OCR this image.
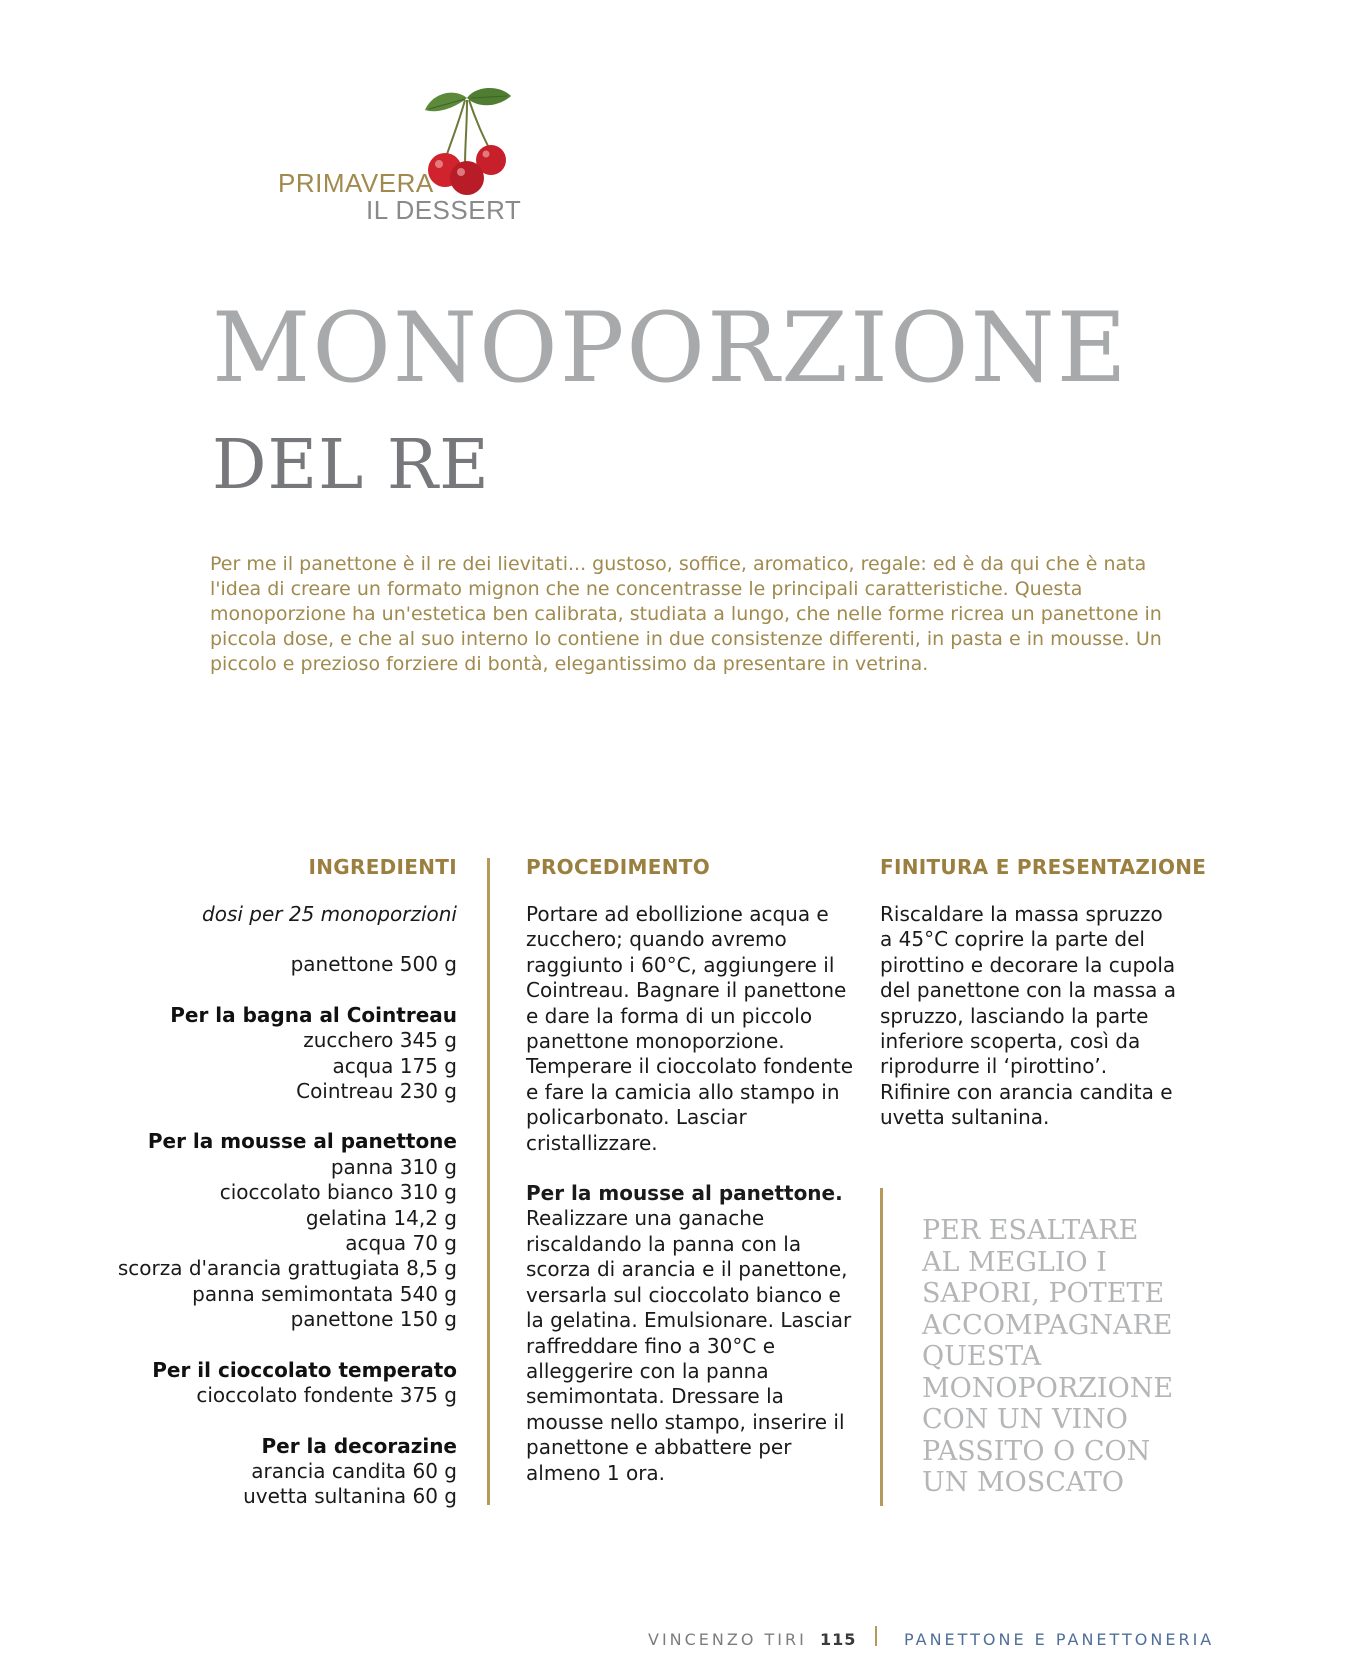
PRIMAVERA
IL DESSERT
MONOPORZIONE
DEL RE
Per me il panettone è il re dei lievitati... gustoso, soffice, aromatico, regale: ed è da qui che è nata l'idea di creare un formato mignon che ne concentrasse le principali caratteristiche. Questa monoporzione ha un'estetica ben calibrata, studiata a lungo, che nelle forme ricrea un panettone in piccola dose, e che al suo interno lo contiene in due consistenze differenti, in pasta e in mousse. Un piccolo e prezioso forziere di bontà, elegantissimo da presentare in vetrina.
INGREDIENTI	PROCEDIMENTO	FINITURA E PRESENTAZIONE
dosi per 25 monoporzioni
panettone 500 g
Per la bagna al Cointreau
zucchero 345 g
acqua 175 g
Cointreau 230 g
Per la mousse al panettone
panna 310 g
cioccolato bianco 310 g
gelatina 14,2 g
acqua 70 g
scorza d'arancia grattugiata 8,5 g
panna semimontata 540 g
panettone 150 g
Per il cioccolato temperato
cioccolato fondente 375 g
Per la decorazine
arancia candita 60 g
uvetta sultanina 60 g

Portare ad ebollizione acqua e zucchero; quando avremo raggiunto i 60°C, aggiungere il Cointreau. Bagnare il panettone e dare la forma di un piccolo panettone monoporzione. Temperare il cioccolato fondente e fare la camicia allo stampo in policarbonato. Lasciar cristallizzare.

Per la mousse al panettone.
Realizzare una ganache riscaldando la panna con la scorza di arancia e il panettone, versarla sul cioccolato bianco e la gelatina. Emulsionare. Lasciar raffreddare fino a 30°C e alleggerire con la panna semimontata. Dressare la mousse nello stampo, inserire il panettone e abbattere per almeno 1 ora.

Riscaldare la massa spruzzo a 45°C coprire la parte del pirottino e decorare la cupola del panettone con la massa a spruzzo, lasciando la parte inferiore scoperta, così da riprodurre il ‘pirottino’. Rifinire con arancia candita e uvetta sultanina.
PER ESALTARE AL MEGLIO I SAPORI, POTETE ACCOMPAGNARE QUESTA MONOPORZIONE CON UN VINO PASSITO O CON UN MOSCATO
VINCENZO TIRI 115	PANETTONE E PANETTONERIA
